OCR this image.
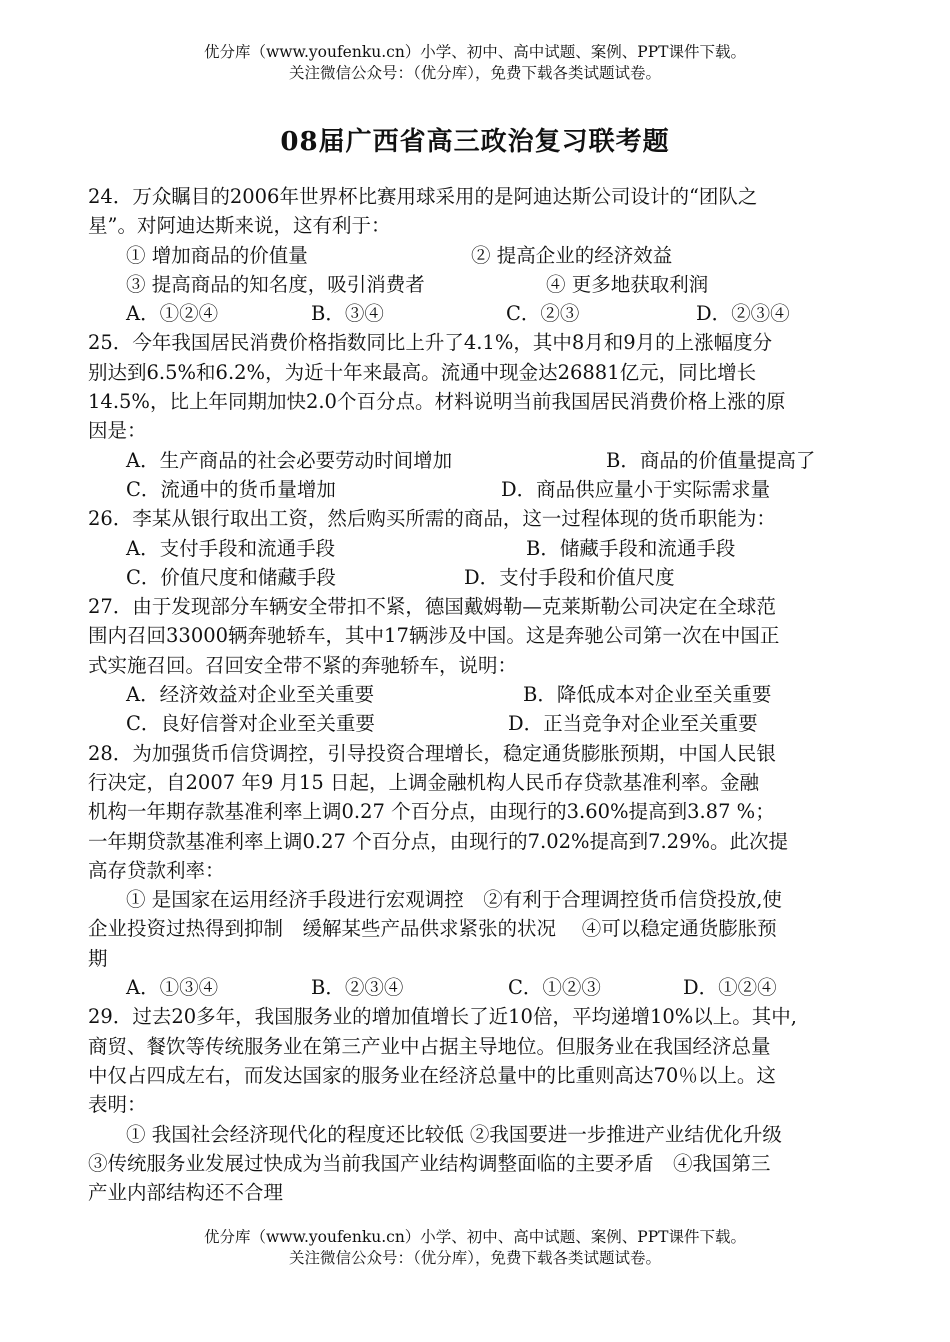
优分库（www.youfenku.cn）小学、初中、高中试题、案例、PPT课件下载。
关注微信公众号：（优分库），免费下载各类试题试卷。
08届广西省高三政治复习联考题
24．万众瞩目的2006年世界杯比赛用球采用的是阿迪达斯公司设计的“团队之
星”。对阿迪达斯来说，这有利于：
① 增加商品的价值量	② 提高企业的经济效益
③ 提高商品的知名度，吸引消费者	④ 更多地获取利润
A．①②④	B．③④	C．②③	D．②③④
25．今年我国居民消费价格指数同比上升了4.1%，其中8月和9月的上涨幅度分
别达到6.5%和6.2%，为近十年来最高。流通中现金达26881亿元，同比增长
14.5%，比上年同期加快2.0个百分点。材料说明当前我国居民消费价格上涨的原
因是：
A．生产商品的社会必要劳动时间增加	B．商品的价值量提高了
C．流通中的货币量增加	D．商品供应量小于实际需求量
26．李某从银行取出工资，然后购买所需的商品，这一过程体现的货币职能为：
A．支付手段和流通手段	B．储藏手段和流通手段
C．价值尺度和储藏手段	D．支付手段和价值尺度
27．由于发现部分车辆安全带扣不紧，德国戴姆勒—克莱斯勒公司决定在全球范
围内召回33000辆奔驰轿车，其中17辆涉及中国。这是奔驰公司第一次在中国正
式实施召回。召回安全带不紧的奔驰轿车，说明：
A．经济效益对企业至关重要	B．降低成本对企业至关重要
C．良好信誉对企业至关重要	D．正当竞争对企业至关重要
28．为加强货币信贷调控，引导投资合理增长，稳定通货膨胀预期，中国人民银
行决定，自2007 年9 月15 日起，上调金融机构人民币存贷款基准利率。金融
机构一年期存款基准利率上调0.27 个百分点，由现行的3.60%提高到3.87 %；
一年期贷款基准利率上调0.27 个百分点，由现行的7.02%提高到7.29%。此次提
高存贷款利率：
① 是国家在运用经济手段进行宏观调控　②有利于合理调控货币信贷投放,使
企业投资过热得到抑制　缓解某些产品供求紧张的状况　 ④可以稳定通货膨胀预
期
A．①③④	B．②③④	C．①②③	D．①②④
29．过去20多年，我国服务业的增加值增长了近10倍，平均递增10%以上。其中,
商贸、餐饮等传统服务业在第三产业中占据主导地位。但服务业在我国经济总量
中仅占四成左右，而发达国家的服务业在经济总量中的比重则高达70％以上。这
表明：
① 我国社会经济现代化的程度还比较低 ②我国要进一步推进产业结优化升级
③传统服务业发展过快成为当前我国产业结构调整面临的主要矛盾　④我国第三
产业内部结构还不合理
优分库（www.youfenku.cn）小学、初中、高中试题、案例、PPT课件下载。
关注微信公众号：（优分库），免费下载各类试题试卷。
